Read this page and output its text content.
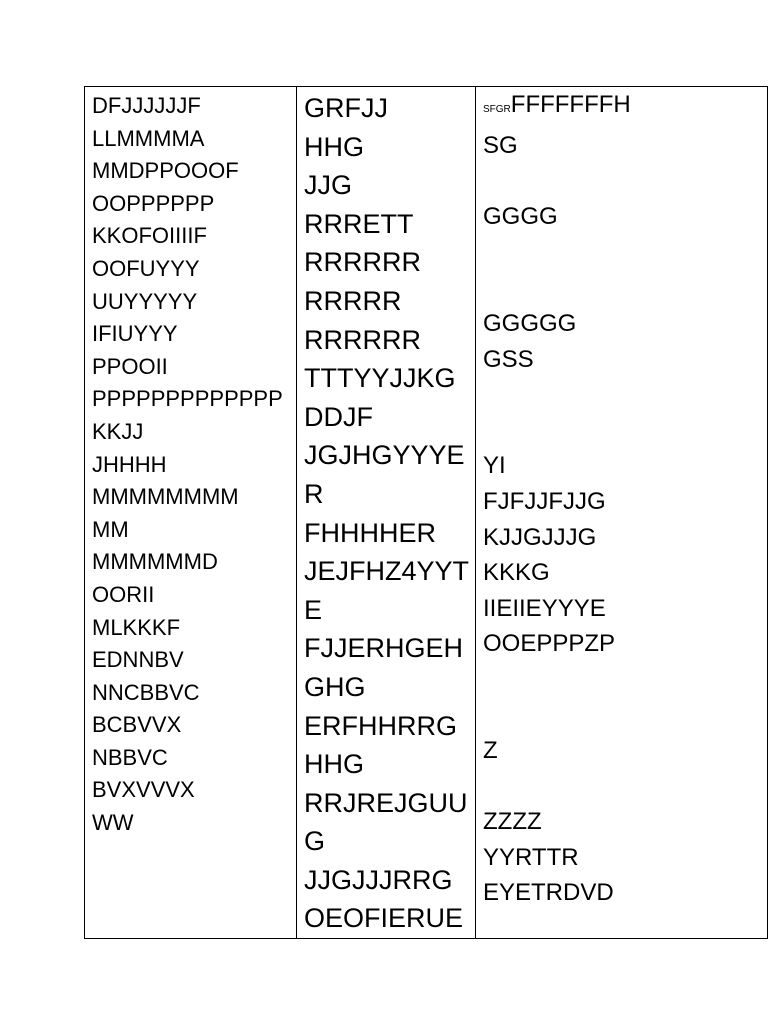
DFJJJJJJF
LLMMMMA
MMDPPOOOF
OOPPPPPP
KKOFOIIIIF
OOFUYYY
UUYYYYY
IFIUYYY
PPOOII
PPPPPPPPPPPPP
KKJJ
JHHHH
MMMMMMMM
MM
MMMMMMD
OORII
MLKKKF
EDNNBV
NNCBBVC
BCBVVX
NBBVC
BVXVVVX
WW

GRFJJ
HHG
JJG
RRRETT
RRRRRR
RRRRR
RRRRRR
TTTYYJJKG
DDJF
JGJHGYYYE
R
FHHHHER
JEJFHZ4YYT
E
FJJERHGEH
GHG
ERFHHRRG
HHG
RRJREJGUU
G
JJGJJJRRG
OEOFIERUE

SFGRFFFFFFFH
SG
GGGG
GGGGG
GSS
YI
FJFJJFJJG
KJJGJJJG
KKKG
IIEIIEYYYE
OOEPPPZP
Z
ZZZZ
YYRTTR
EYETRDVD
